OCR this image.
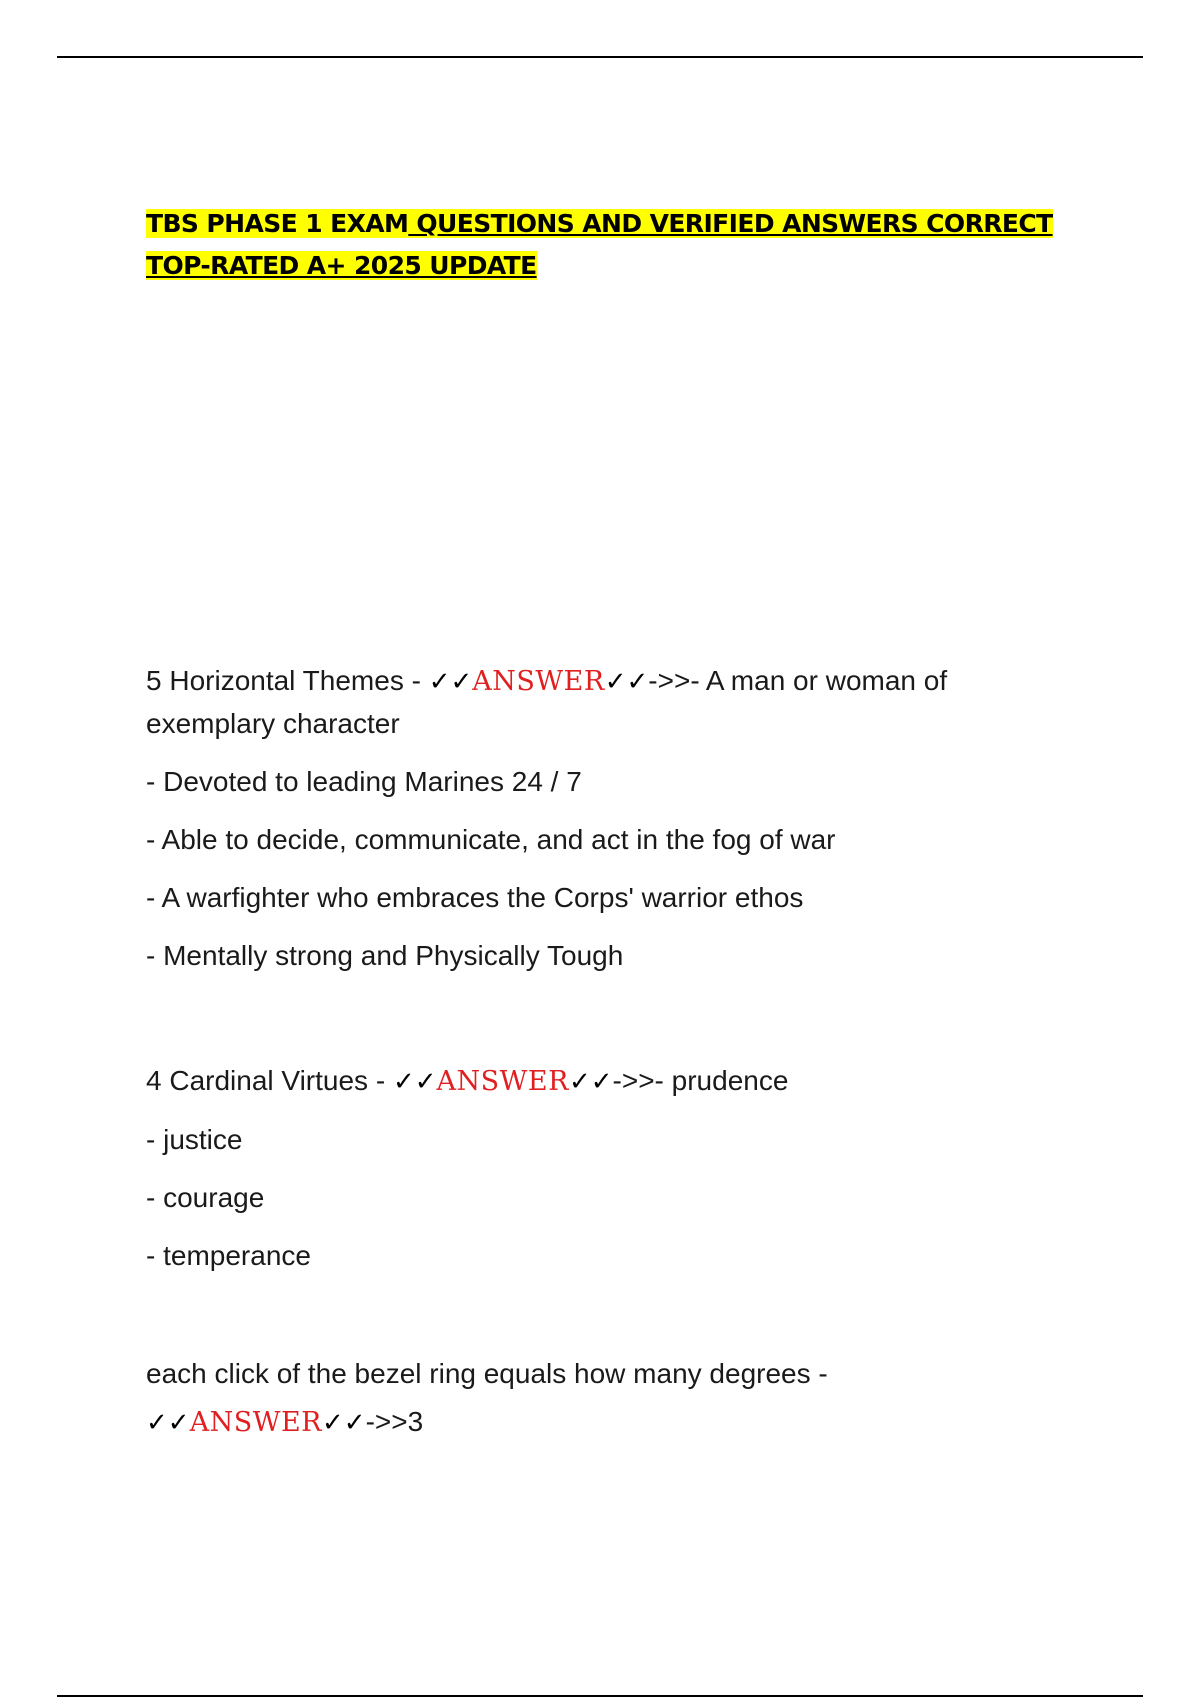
TBS PHASE 1 EXAM QUESTIONS AND VERIFIED ANSWERS CORRECT TOP-RATED A+ 2025 UPDATE
5 Horizontal Themes - ✓✓ANSWER✓✓->>- A man or woman of exemplary character
- Devoted to leading Marines 24 / 7
- Able to decide, communicate, and act in the fog of war
- A warfighter who embraces the Corps' warrior ethos
- Mentally strong and Physically Tough
4 Cardinal Virtues - ✓✓ANSWER✓✓->>- prudence
- justice
- courage
- temperance
each click of the bezel ring equals how many degrees -
✓✓ANSWER✓✓->>3
